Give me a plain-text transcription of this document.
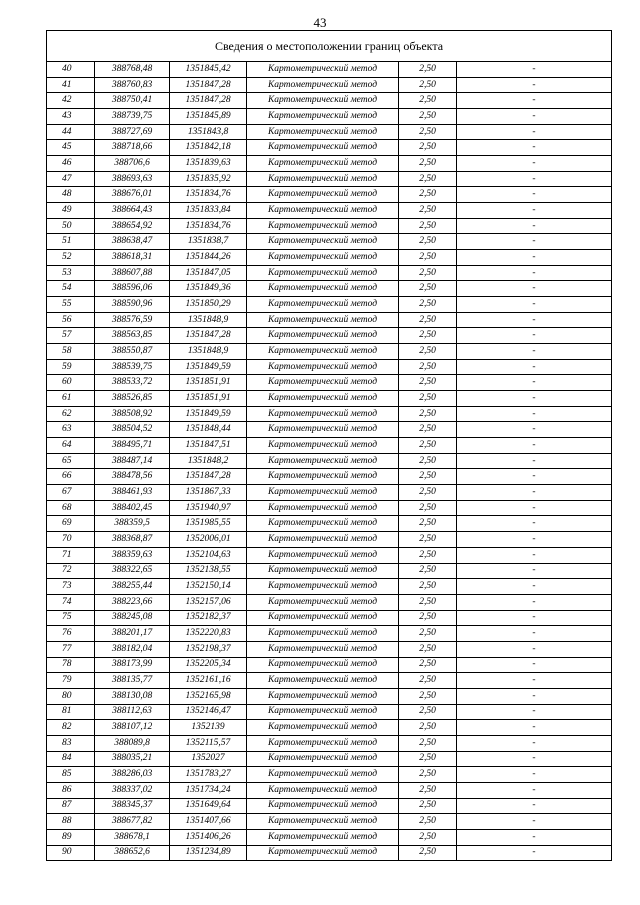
43
Сведения о местоположении границ объекта					
40	388768,48	1351845,42	Картометрический метод	2,50	-
41	388760,83	1351847,28	Картометрический метод	2,50	-
42	388750,41	1351847,28	Картометрический метод	2,50	-
43	388739,75	1351845,89	Картометрический метод	2,50	-
44	388727,69	1351843,8	Картометрический метод	2,50	-
45	388718,66	1351842,18	Картометрический метод	2,50	-
46	388706,6	1351839,63	Картометрический метод	2,50	-
47	388693,63	1351835,92	Картометрический метод	2,50	-
48	388676,01	1351834,76	Картометрический метод	2,50	-
49	388664,43	1351833,84	Картометрический метод	2,50	-
50	388654,92	1351834,76	Картометрический метод	2,50	-
51	388638,47	1351838,7	Картометрический метод	2,50	-
52	388618,31	1351844,26	Картометрический метод	2,50	-
53	388607,88	1351847,05	Картометрический метод	2,50	-
54	388596,06	1351849,36	Картометрический метод	2,50	-
55	388590,96	1351850,29	Картометрический метод	2,50	-
56	388576,59	1351848,9	Картометрический метод	2,50	-
57	388563,85	1351847,28	Картометрический метод	2,50	-
58	388550,87	1351848,9	Картометрический метод	2,50	-
59	388539,75	1351849,59	Картометрический метод	2,50	-
60	388533,72	1351851,91	Картометрический метод	2,50	-
61	388526,85	1351851,91	Картометрический метод	2,50	-
62	388508,92	1351849,59	Картометрический метод	2,50	-
63	388504,52	1351848,44	Картометрический метод	2,50	-
64	388495,71	1351847,51	Картометрический метод	2,50	-
65	388487,14	1351848,2	Картометрический метод	2,50	-
66	388478,56	1351847,28	Картометрический метод	2,50	-
67	388461,93	1351867,33	Картометрический метод	2,50	-
68	388402,45	1351940,97	Картометрический метод	2,50	-
69	388359,5	1351985,55	Картометрический метод	2,50	-
70	388368,87	1352006,01	Картометрический метод	2,50	-
71	388359,63	1352104,63	Картометрический метод	2,50	-
72	388322,65	1352138,55	Картометрический метод	2,50	-
73	388255,44	1352150,14	Картометрический метод	2,50	-
74	388223,66	1352157,06	Картометрический метод	2,50	-
75	388245,08	1352182,37	Картометрический метод	2,50	-
76	388201,17	1352220,83	Картометрический метод	2,50	-
77	388182,04	1352198,37	Картометрический метод	2,50	-
78	388173,99	1352205,34	Картометрический метод	2,50	-
79	388135,77	1352161,16	Картометрический метод	2,50	-
80	388130,08	1352165,98	Картометрический метод	2,50	-
81	388112,63	1352146,47	Картометрический метод	2,50	-
82	388107,12	1352139	Картометрический метод	2,50	-
83	388089,8	1352115,57	Картометрический метод	2,50	-
84	388035,21	1352027	Картометрический метод	2,50	-
85	388286,03	1351783,27	Картометрический метод	2,50	-
86	388337,02	1351734,24	Картометрический метод	2,50	-
87	388345,37	1351649,64	Картометрический метод	2,50	-
88	388677,82	1351407,66	Картометрический метод	2,50	-
89	388678,1	1351406,26	Картометрический метод	2,50	-
90	388652,6	1351234,89	Картометрический метод	2,50	-
